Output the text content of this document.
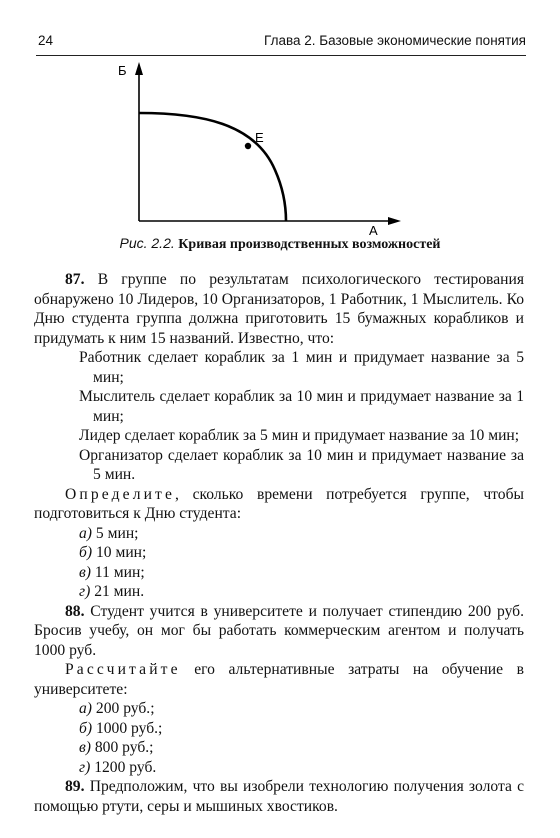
24	Глава 2. Базовые экономические понятия
Б
А
Е
Рис. 2.2. Кривая производственных возможностей

87. В группе по результатам психологического тестирования обнаружено 10 Лидеров, 10 Организаторов, 1 Работник, 1 Мыслитель. Ко Дню студента группа должна приготовить 15 бумажных корабликов и придумать к ним 15 названий. Известно, что:

Работник сделает кораблик за 1 мин и придумает название за 5 мин;
Мыслитель сделает кораблик за 10 мин и придумает название за 1 мин;
Лидер сделает кораблик за 5 мин и придумает название за 10 мин;
Организатор сделает кораблик за 10 мин и придумает название за 5 мин.

Определите, сколько времени потребуется группе, чтобы подготовиться к Дню студента:

а) 5 мин;
б) 10 мин;
в) 11 мин;
г) 21 мин.

88. Студент учится в университете и получает стипендию 200 руб. Бросив учебу, он мог бы работать коммерческим агентом и получать 1000 руб.

Рассчитайте его альтернативные затраты на обучение в университете:

а) 200 руб.;
б) 1000 руб.;
в) 800 руб.;
г) 1200 руб.

89. Предположим, что вы изобрели технологию получения золота с помощью ртути, серы и мышиных хвостиков.
